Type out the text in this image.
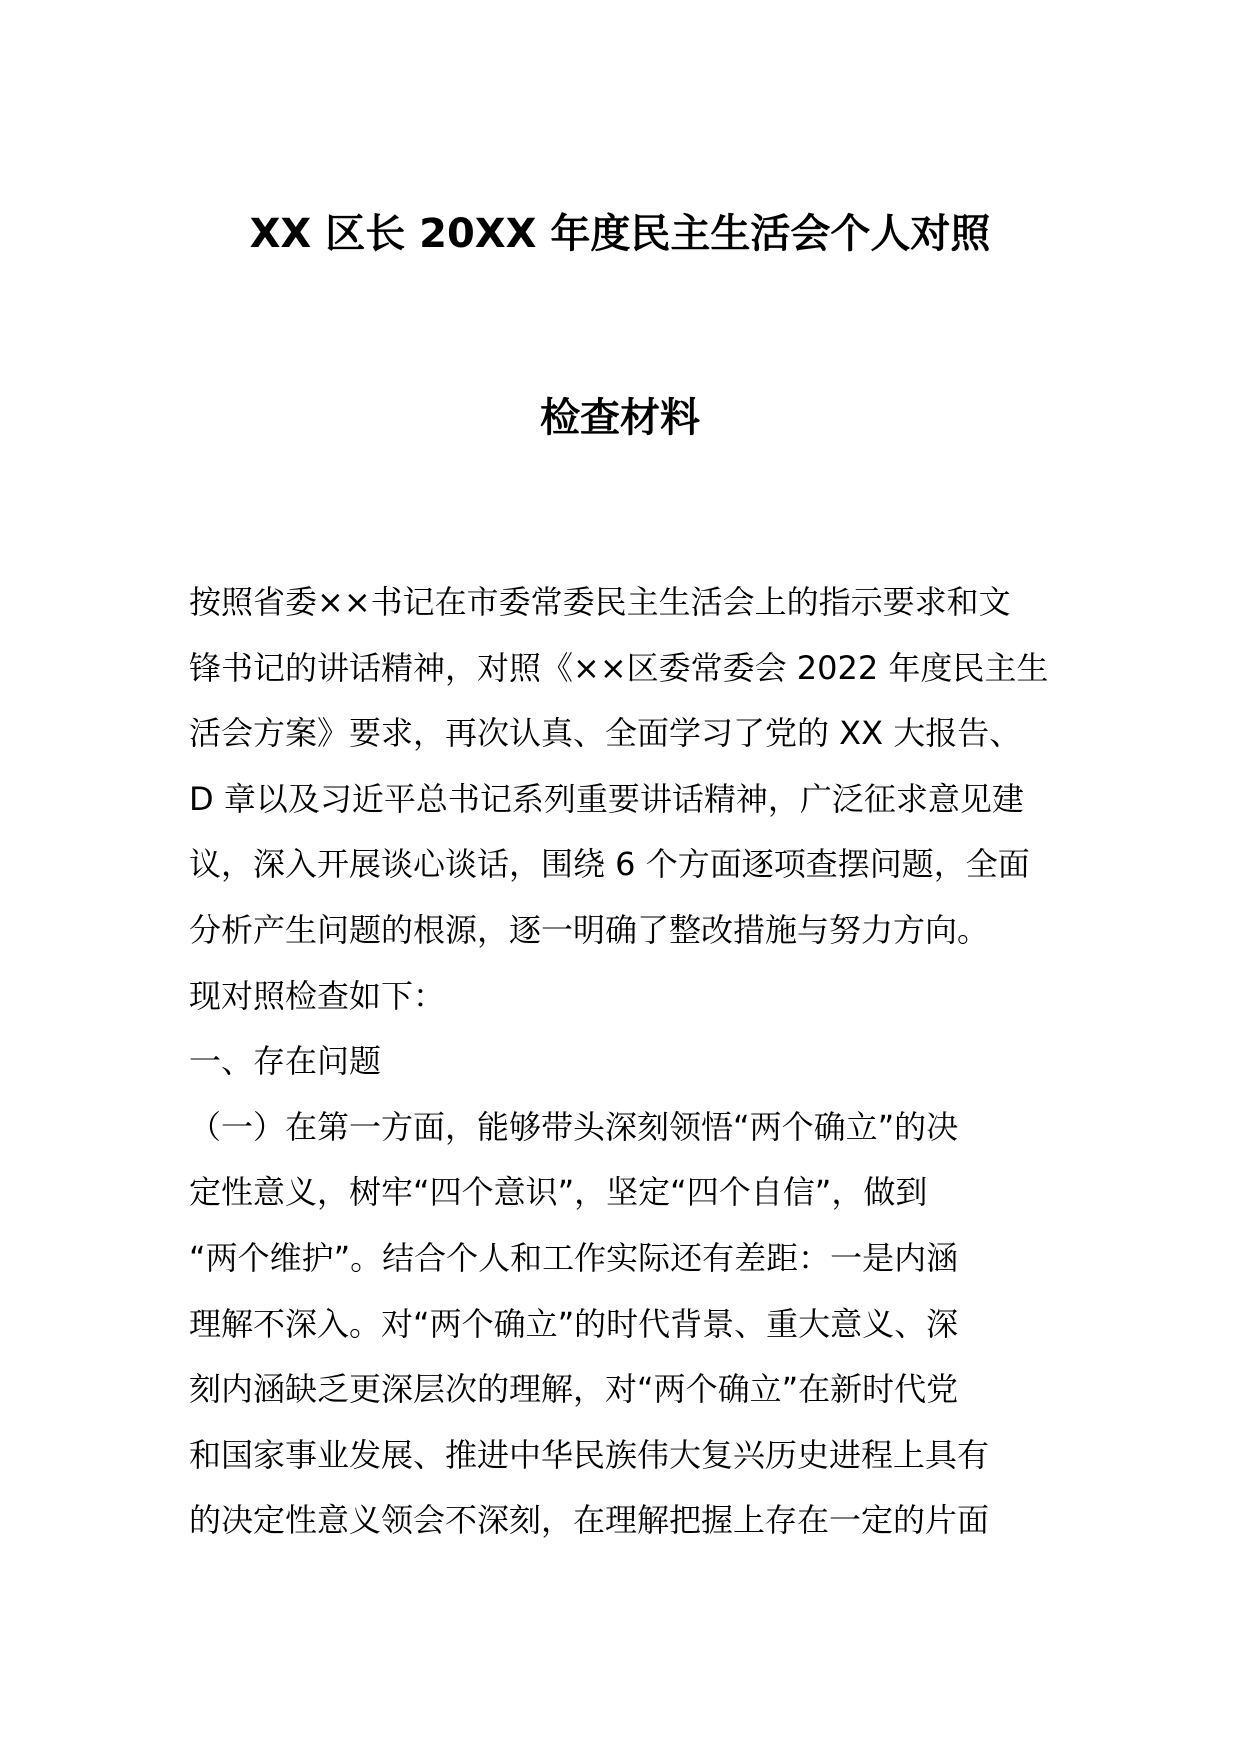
XX 区长 20XX 年度民主生活会个人对照
检查材料
按照省委××书记在市委常委民主生活会上的指示要求和文
锋书记的讲话精神，对照《××区委常委会 2022 年度民主生
活会方案》要求，再次认真、全面学习了党的 XX 大报告、
D 章以及习近平总书记系列重要讲话精神，广泛征求意见建
议，深入开展谈心谈话，围绕 6 个方面逐项查摆问题，全面
分析产生问题的根源，逐一明确了整改措施与努力方向。
现对照检查如下：
一、存在问题
（一）在第一方面，能够带头深刻领悟“两个确立”的决
定性意义，树牢“四个意识”，坚定“四个自信”，做到
“两个维护”。结合个人和工作实际还有差距：一是内涵
理解不深入。对“两个确立”的时代背景、重大意义、深
刻内涵缺乏更深层次的理解，对“两个确立”在新时代党
和国家事业发展、推进中华民族伟大复兴历史进程上具有
的决定性意义领会不深刻，在理解把握上存在一定的片面
